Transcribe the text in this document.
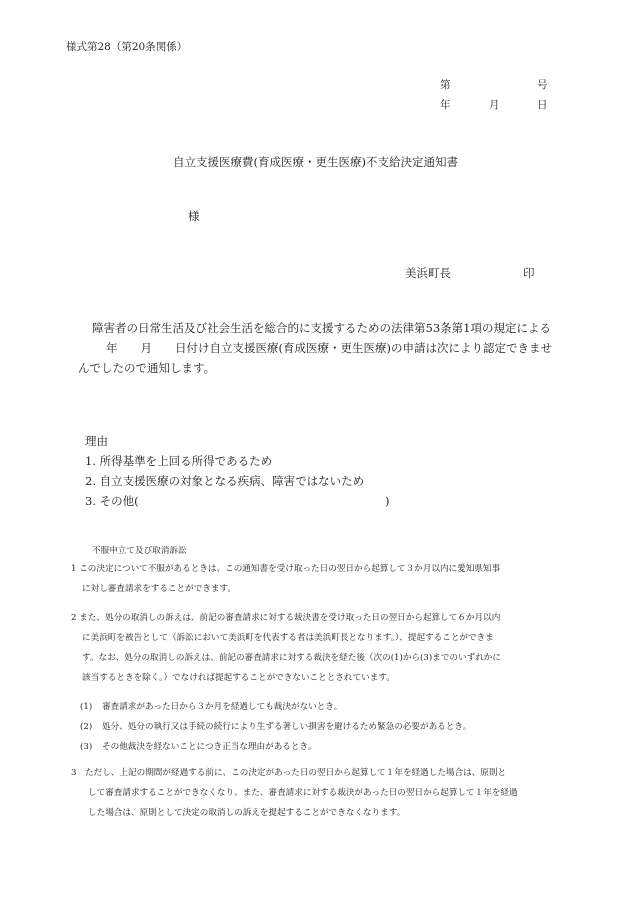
様式第28（第20条関係）
第	号
年	月	日
自立支援医療費(育成医療・更生医療)不支給決定通知書
様
美浜町長	印
障害者の日常生活及び社会生活を総合的に支援するための法律第53条第1項の規定による
年　　月　　日付け自立支援医療(育成医療・更生医療)の申請は次により認定できませ
んでしたので通知します。
理由
1. 所得基準を上回る所得であるため
2. 自立支援医療の対象となる疾病、障害ではないため
3. その他(	)
不服申立て及び取消訴訟
1 この決定について不服があるときは、この通知書を受け取った日の翌日から起算して３か月以内に愛知県知事
に対し審査請求をすることができます。
2 また、処分の取消しの訴えは、前記の審査請求に対する裁決書を受け取った日の翌日から起算して６か月以内
に美浜町を被告として（訴訟において美浜町を代表する者は美浜町長となります。）、提起することができま
す。なお、処分の取消しの訴えは、前記の審査請求に対する裁決を経た後（次の(1)から(3)までのいずれかに
該当するときを除く。）でなければ提起することができないこととされています。
(1) 審査請求があった日から３か月を経過しても裁決がないとき。
(2) 処分、処分の執行又は手続の続行により生ずる著しい損害を避けるため緊急の必要があるとき。
(3) その他裁決を経ないことにつき正当な理由があるとき。
3　ただし、上記の期間が経過する前に、この決定があった日の翌日から起算して１年を経過した場合は、原則と
して審査請求することができなくなり、また、審査請求に対する裁決があった日の翌日から起算して１年を経過
した場合は、原則として決定の取消しの訴えを提起することができなくなります。
